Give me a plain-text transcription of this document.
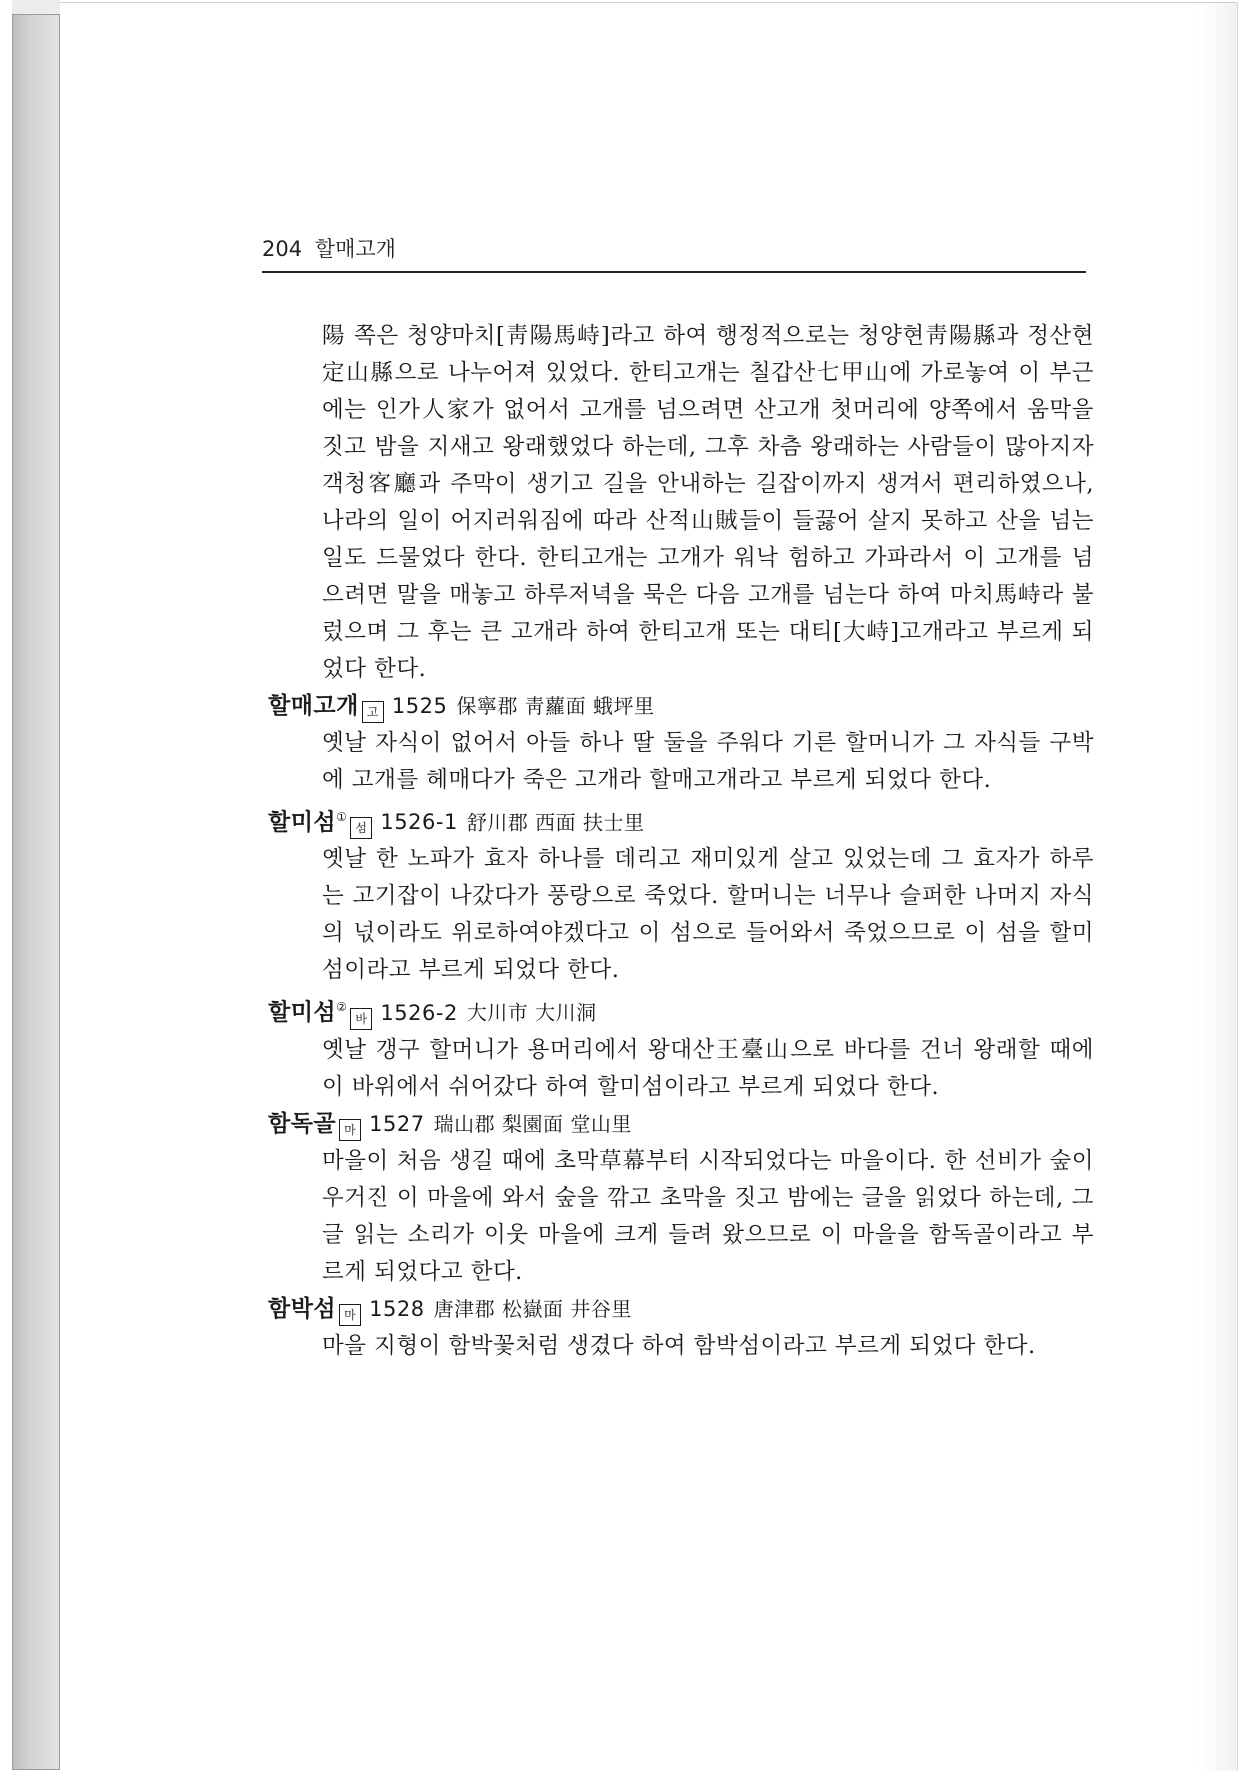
204 할매고개

陽 쪽은 청양마치[靑陽馬峙]라고 하여 행정적으로는 청양현靑陽縣과 정산현定山縣으로 나누어져 있었다. 한티고개는 칠갑산七甲山에 가로놓여 이 부근에는 인가人家가 없어서 고개를 넘으려면 산고개 첫머리에 양쪽에서 움막을 짓고 밤을 지새고 왕래했었다 하는데, 그후 차츰 왕래하는 사람들이 많아지자 객청客廳과 주막이 생기고 길을 안내하는 길잡이까지 생겨서 편리하였으나, 나라의 일이 어지러워짐에 따라 산적山賊들이 들끓어 살지 못하고 산을 넘는 일도 드물었다 한다. 한티고개는 고개가 워낙 험하고 가파라서 이 고개를 넘으려면 말을 매놓고 하루저녁을 묵은 다음 고개를 넘는다 하여 마치馬峙라 불렀으며 그 후는 큰 고개라 하여 한티고개 또는 대티[大峙]고개라고 부르게 되었다 한다.

할매고개 고 1525 保寧郡 靑蘿面 蛾坪里

옛날 자식이 없어서 아들 하나 딸 둘을 주워다 기른 할머니가 그 자식들 구박에 고개를 헤매다가 죽은 고개라 할매고개라고 부르게 되었다 한다.

할미섬①섬 1526-1 舒川郡 西面 扶士里

옛날 한 노파가 효자 하나를 데리고 재미있게 살고 있었는데 그 효자가 하루는 고기잡이 나갔다가 풍랑으로 죽었다. 할머니는 너무나 슬퍼한 나머지 자식의 넋이라도 위로하여야겠다고 이 섬으로 들어와서 죽었으므로 이 섬을 할미섬이라고 부르게 되었다 한다.

할미섬②바 1526-2 大川市 大川洞

옛날 갱구 할머니가 용머리에서 왕대산王臺山으로 바다를 건너 왕래할 때에 이 바위에서 쉬어갔다 하여 할미섬이라고 부르게 되었다 한다.

함독골 마 1527 瑞山郡 梨園面 堂山里

마을이 처음 생길 때에 초막草幕부터 시작되었다는 마을이다. 한 선비가 숲이 우거진 이 마을에 와서 숲을 깎고 초막을 짓고 밤에는 글을 읽었다 하는데, 그 글 읽는 소리가 이웃 마을에 크게 들려 왔으므로 이 마을을 함독골이라고 부르게 되었다고 한다.

함박섬 마 1528 唐津郡 松嶽面 井谷里

마을 지형이 함박꽃처럼 생겼다 하여 함박섬이라고 부르게 되었다 한다.
